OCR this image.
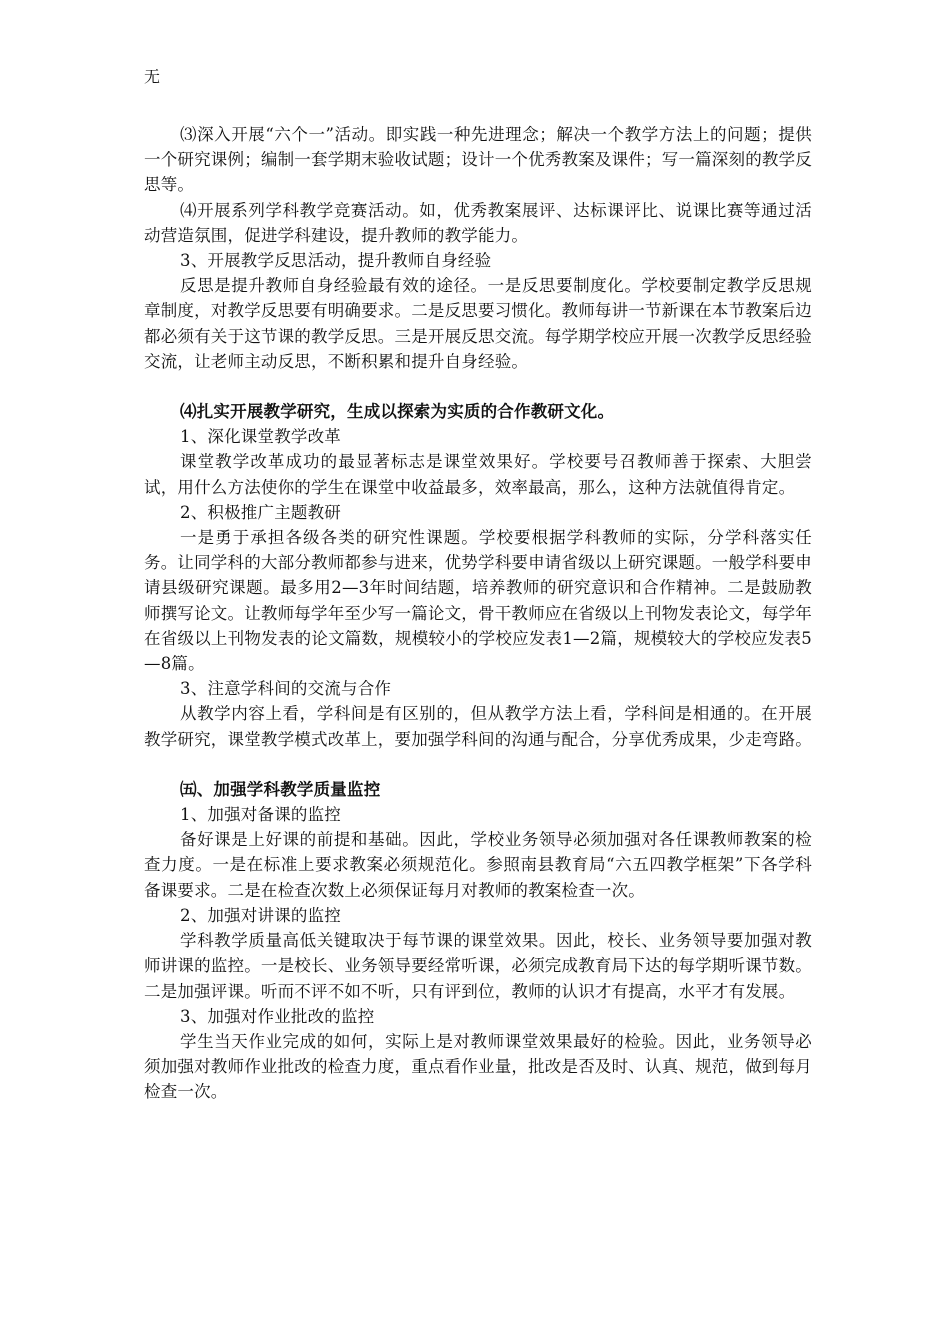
无

⑶深入开展“六个一”活动。即实践一种先进理念；解决一个教学方法上的问题；提供一个研究课例；编制一套学期末验收试题；设计一个优秀教案及课件；写一篇深刻的教学反思等。

⑷开展系列学科教学竞赛活动。如，优秀教案展评、达标课评比、说课比赛等通过活动营造氛围，促进学科建设，提升教师的教学能力。

3、开展教学反思活动，提升教师自身经验

反思是提升教师自身经验最有效的途径。一是反思要制度化。学校要制定教学反思规章制度，对教学反思要有明确要求。二是反思要习惯化。教师每讲一节新课在本节教案后边都必须有关于这节课的教学反思。三是开展反思交流。每学期学校应开展一次教学反思经验交流，让老师主动反思，不断积累和提升自身经验。

⑷扎实开展教学研究，生成以探索为实质的合作教研文化。

1、深化课堂教学改革

课堂教学改革成功的最显著标志是课堂效果好。学校要号召教师善于探索、大胆尝试，用什么方法使你的学生在课堂中收益最多，效率最高，那么，这种方法就值得肯定。

2、积极推广主题教研

一是勇于承担各级各类的研究性课题。学校要根据学科教师的实际，分学科落实任务。让同学科的大部分教师都参与进来，优势学科要申请省级以上研究课题。一般学科要申请县级研究课题。最多用2—3年时间结题，培养教师的研究意识和合作精神。二是鼓励教师撰写论文。让教师每学年至少写一篇论文，骨干教师应在省级以上刊物发表论文，每学年在省级以上刊物发表的论文篇数，规模较小的学校应发表1—2篇，规模较大的学校应发表5—8篇。

3、注意学科间的交流与合作

从教学内容上看，学科间是有区别的，但从教学方法上看，学科间是相通的。在开展教学研究，课堂教学模式改革上，要加强学科间的沟通与配合，分享优秀成果，少走弯路。

㈤、加强学科教学质量监控

1、加强对备课的监控

备好课是上好课的前提和基础。因此，学校业务领导必须加强对各任课教师教案的检查力度。一是在标准上要求教案必须规范化。参照南县教育局“六五四教学框架”下各学科备课要求。二是在检查次数上必须保证每月对教师的教案检查一次。

2、加强对讲课的监控

学科教学质量高低关键取决于每节课的课堂效果。因此，校长、业务领导要加强对教师讲课的监控。一是校长、业务领导要经常听课，必须完成教育局下达的每学期听课节数。二是加强评课。听而不评不如不听，只有评到位，教师的认识才有提高，水平才有发展。

3、加强对作业批改的监控

学生当天作业完成的如何，实际上是对教师课堂效果最好的检验。因此，业务领导必须加强对教师作业批改的检查力度，重点看作业量，批改是否及时、认真、规范，做到每月检查一次。
